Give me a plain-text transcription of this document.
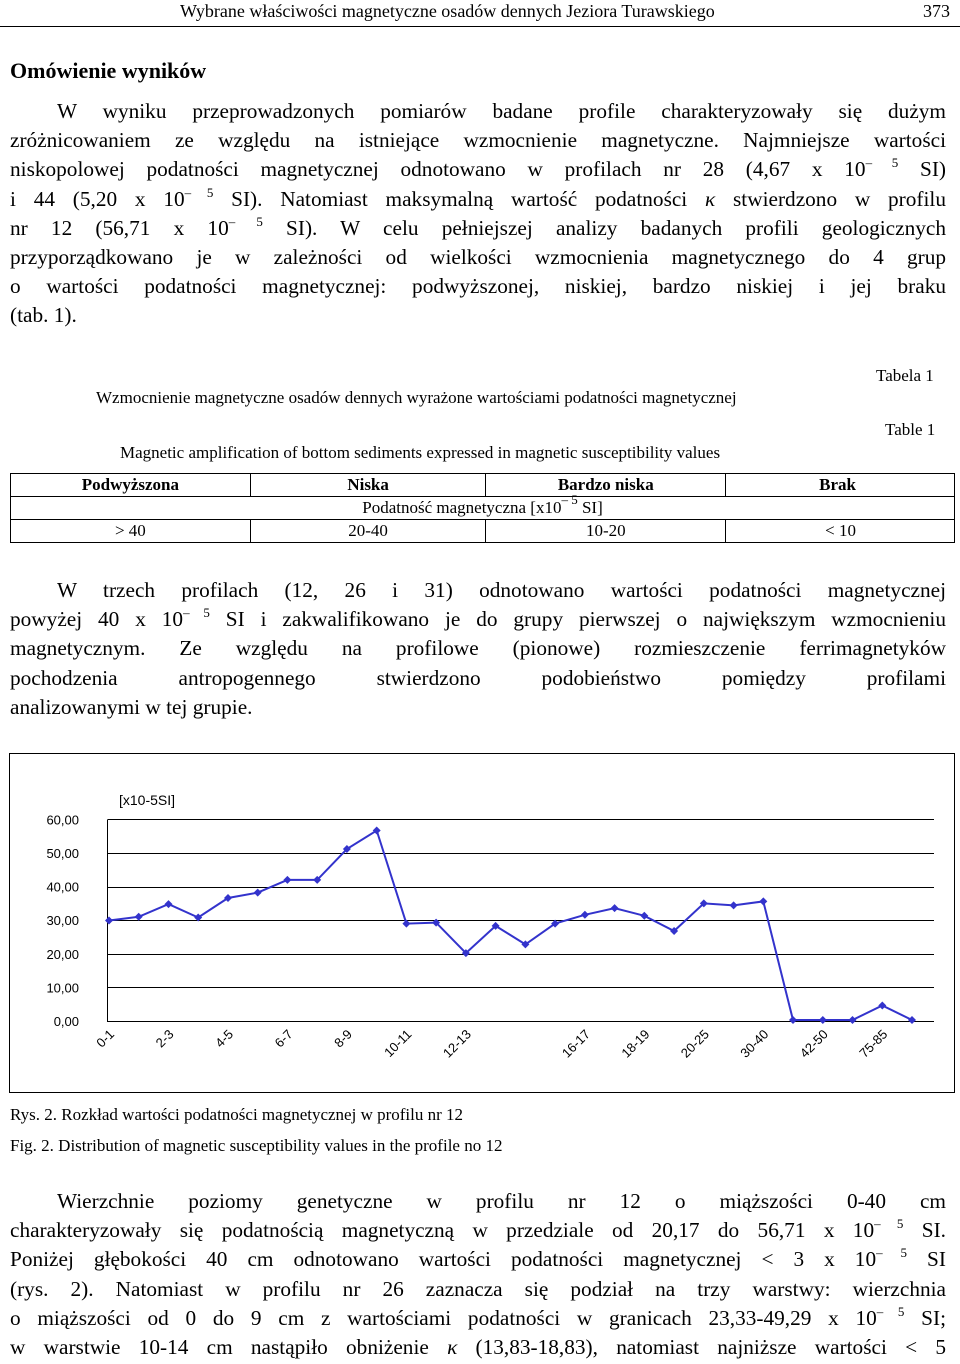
Wybrane właściwości magnetyczne osadów dennych Jeziora Turawskiego	373
Omówienie wyników
W wyniku przeprowadzonych pomiarów badane profile charakteryzowały się dużym
zróżnicowaniem ze względu na istniejące wzmocnienie magnetyczne. Najmniejsze wartości
niskopolowej podatności magnetycznej odnotowano w profilach nr 28 (4,67 x $10^{- 5}$ SI)
i 44 (5,20 x $10^{- 5}$ SI). Natomiast maksymalną wartość podatności κ stwierdzono w profilu
nr 12 (56,71 x $10^{- 5}$ SI). W celu pełniejszej analizy badanych profili geologicznych
przyporządkowano je w zależności od wielkości wzmocnienia magnetycznego do 4 grup
o wartości podatności magnetycznej: podwyższonej, niskiej, bardzo niskiej i jej braku
(tab. 1).
Tabela 1
Wzmocnienie magnetyczne osadów dennych wyrażone wartościami podatności magnetycznej
Table 1
Magnetic amplification of bottom sediments expressed in magnetic susceptibility values
Podwyższona	Niska	Bardzo niska	Brak
Podatność magnetyczna [$x10^{- 5}$ SI]			
> 40	20-40	10-20	< 10
W trzech profilach (12, 26 i 31) odnotowano wartości podatności magnetycznej
powyżej 40 x $10^{- 5}$ SI i zakwalifikowano je do grupy pierwszej o największym wzmocnieniu
magnetycznym. Ze względu na profilowe (pionowe) rozmieszczenie ferrimagnetyków
pochodzenia antropogennego stwierdzono podobieństwo pomiędzy profilami
analizowanymi w tej grupie.
0,00
10,00
20,00
30,00
40,00
50,00
60,00
[x10-5SI]
0-1	2-3	4-5	6-7	8-9 10-11 12-13	16-17 18-19 20-25 30-40 42-50 75-85
Rys. 2. Rozkład wartości podatności magnetycznej w profilu nr 12
Fig. 2. Distribution of magnetic susceptibility values in the profile no 12
Wierzchnie poziomy genetyczne w profilu nr 12 o miąższości 0-40 cm
charakteryzowały się podatnością magnetyczną w przedziale od 20,17 do 56,71 x $10^{- 5}$ SI.
Poniżej głębokości 40 cm odnotowano wartości podatności magnetycznej < 3 x $10^{- 5}$ SI
(rys. 2). Natomiast w profilu nr 26 zaznacza się podział na trzy warstwy: wierzchnia
o miąższości od 0 do 9 cm z wartościami podatności w granicach 23,33-49,29 x $10^{- 5}$ SI;
w warstwie 10-14 cm nastąpiło obniżenie κ (13,83-18,83), natomiast najniższe wartości < 5
